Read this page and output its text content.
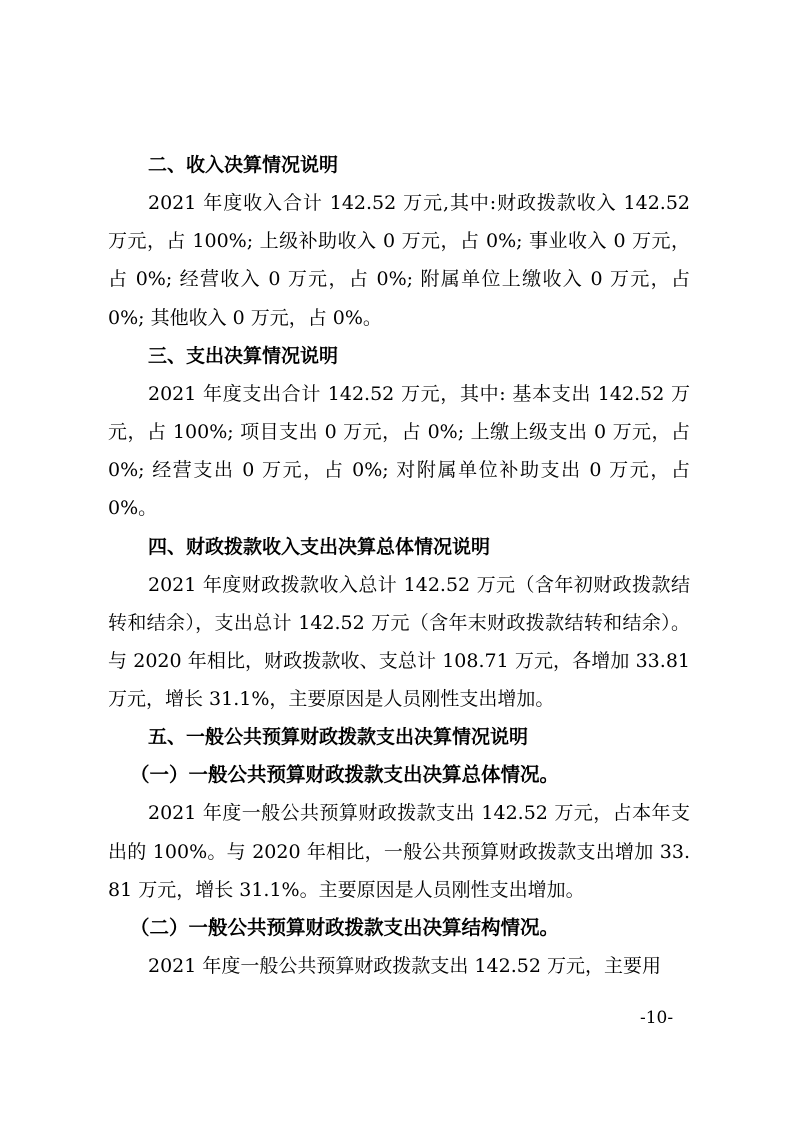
二、收入决算情况说明

2021 年度收入合计 142.52 万元,其中:财政拨款收入 142.52 万元，占 100%; 上级补助收入 0 万元，占 0%; 事业收入 0 万元，占 0%; 经营收入 0 万元，占 0%; 附属单位上缴收入 0 万元，占 0%; 其他收入 0 万元，占 0%。

三、支出决算情况说明

2021 年度支出合计 142.52 万元，其中: 基本支出 142.52 万元，占 100%; 项目支出 0 万元，占 0%; 上缴上级支出 0 万元，占 0%; 经营支出 0 万元，占 0%; 对附属单位补助支出 0 万元，占 0%。

四、财政拨款收入支出决算总体情况说明

2021 年度财政拨款收入总计 142.52 万元（含年初财政拨款结转和结余），支出总计 142.52 万元（含年末财政拨款结转和结余）。与 2020 年相比，财政拨款收、支总计 108.71 万元，各增加 33.81 万元，增长 31.1%，主要原因是人员刚性支出增加。

五、一般公共预算财政拨款支出决算情况说明

（一）一般公共预算财政拨款支出决算总体情况。

2021 年度一般公共预算财政拨款支出 142.52 万元，占本年支出的 100%。与 2020 年相比，一般公共预算财政拨款支出增加 33.81 万元，增长 31.1%。主要原因是人员刚性支出增加。

（二）一般公共预算财政拨款支出决算结构情况。

2021 年度一般公共预算财政拨款支出 142.52 万元，主要用

-10-
